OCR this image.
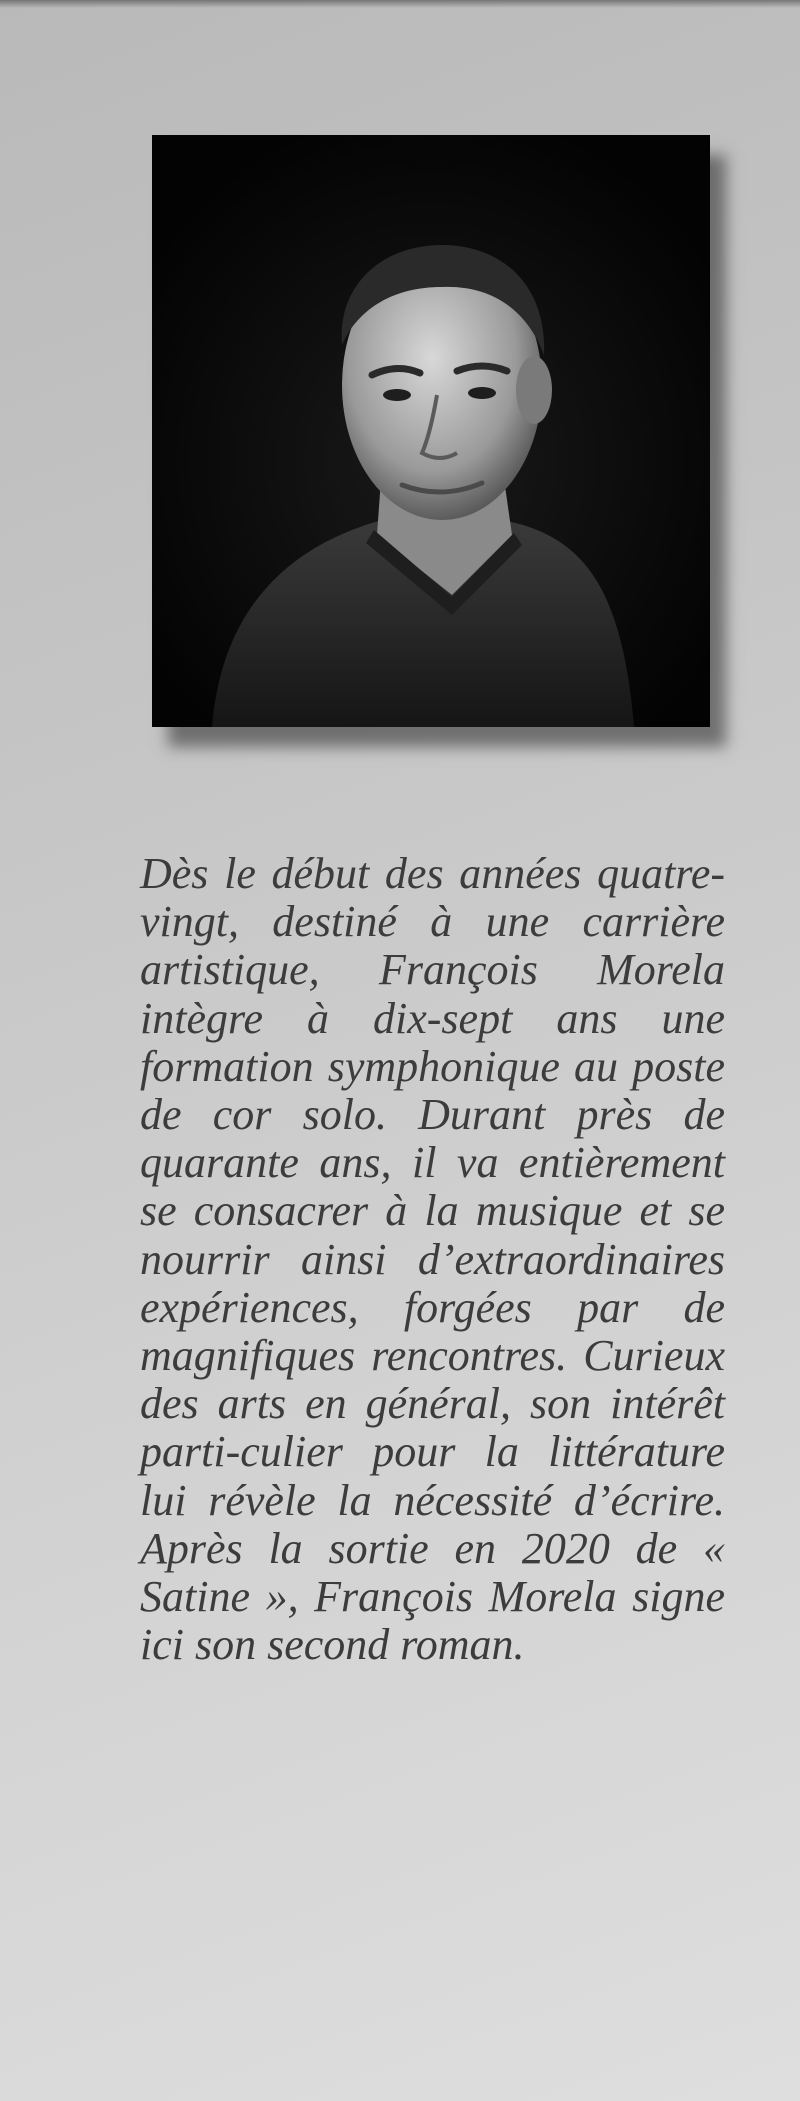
Dès le début des années quatre-vingt, destiné à une carrière artistique, François Morela intègre à dix-sept ans une formation symphonique au poste de cor solo. Durant près de quarante ans, il va entièrement se consacrer à la musique et se nourrir ainsi d’extraordinaires expériences, forgées par de magnifiques rencontres. Curieux des arts en général, son intérêt parti-culier pour la littérature lui révèle la nécessité d’écrire. Après la sortie en 2020 de « Satine », François Morela signe ici son second roman.
